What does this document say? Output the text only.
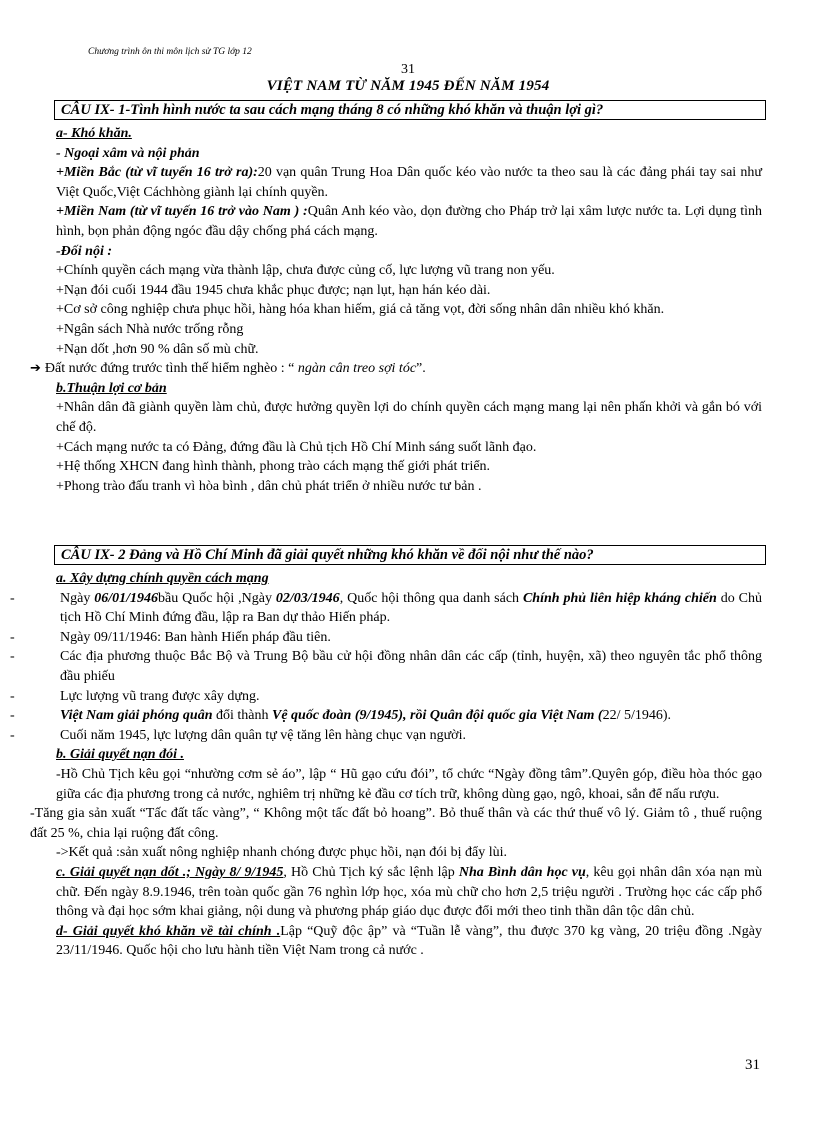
Chương trình ôn thi môn lịch sử TG lớp 12
31
VIỆT NAM TỪ NĂM 1945 ĐẾN NĂM 1954
CÂU IX- 1-Tình hình nước ta sau cách mạng tháng 8 có những khó khăn và thuận lợi gì?

a- Khó khăn.

- Ngoại xâm và nội phản

+Miền Bắc (từ vĩ tuyến 16 trở ra):20 vạn quân Trung Hoa Dân quốc kéo vào nước ta theo sau là các đảng phái tay sai như Việt Quốc,Việt Cáchhòng giành lại chính quyền.

+Miền Nam (từ vĩ tuyến 16 trở vào Nam ) :Quân Anh kéo vào, dọn đường cho Pháp trở lại xâm lược nước ta. Lợi dụng tình hình, bọn phản động ngóc đầu dậy chống phá cách mạng.

-Đối nội :

+Chính quyền cách mạng vừa thành lập, chưa được củng cố, lực lượng vũ trang non yếu.

+Nạn đói cuối 1944 đầu 1945 chưa khắc phục được; nạn lụt, hạn hán kéo dài.

+Cơ sở công nghiệp chưa phục hồi, hàng hóa khan hiếm, giá cả tăng vọt, đời sống nhân dân nhiều khó khăn.

+Ngân sách Nhà nước trống rỗng

+Nạn dốt ,hơn 90 % dân số mù chữ.

➔ Đất nước đứng trước tình thế hiểm nghèo : “ ngàn cân treo sợi tóc”.

b.Thuận lợi cơ bản

+Nhân dân đã giành quyền làm chủ, được hưởng quyền lợi do chính quyền cách mạng mang lại nên phấn khởi và gắn bó với chế độ.

+Cách mạng nước ta có Đảng, đứng đầu là Chủ tịch Hồ Chí Minh sáng suốt lãnh đạo.

+Hệ thống XHCN đang hình thành, phong trào cách mạng thế giới phát triển.

+Phong trào đấu tranh vì hòa bình , dân chủ phát triển ở nhiều nước tư bản .

CÂU IX- 2 Đảng và Hồ Chí Minh đã giải quyết những khó khăn về đối nội như thế nào?

a. Xây dựng chính quyền cách mạng

- Ngày 06/01/1946bầu Quốc hội ,Ngày 02/03/1946, Quốc hội thông qua danh sách Chính phủ liên hiệp kháng chiến do Chủ tịch Hồ Chí Minh đứng đầu, lập ra Ban dự thảo Hiến pháp.
- Ngày 09/11/1946: Ban hành Hiến pháp đầu tiên.
- Các địa phương thuộc Bắc Bộ và Trung Bộ bầu cử hội đồng nhân dân các cấp (tỉnh, huyện, xã) theo nguyên tắc phổ thông đầu phiếu
- Lực lượng vũ trang được xây dựng.
- Việt Nam giải phóng quân đổi thành Vệ quốc đoàn (9/1945), rồi Quân đội quốc gia Việt Nam (22/ 5/1946).
- Cuối năm 1945, lực lượng dân quân tự vệ tăng lên hàng chục vạn người.

b. Giải quyết nạn đói .

-Hồ Chủ Tịch kêu gọi “nhường cơm sẻ áo”, lập “ Hũ gạo cứu đói”, tổ chức “Ngày đồng tâm”.Quyên góp, điều hòa thóc gạo giữa các địa phương trong cả nước, nghiêm trị những kẻ đầu cơ tích trữ, không dùng gạo, ngô, khoai, sắn để nấu rượu.

-Tăng gia sản xuất “Tấc đất tấc vàng”, “ Không một tấc đất bỏ hoang”. Bỏ thuế thân và các thứ thuế vô lý. Giảm tô , thuế ruộng đất 25 %, chia lại ruộng đất công.

->Kết quả :sản xuất nông nghiệp nhanh chóng được phục hồi, nạn đói bị đẩy lùi.

c. Giải quyết nạn dốt .; Ngày 8/ 9/1945, Hồ Chủ Tịch ký sắc lệnh lập Nha Bình dân học vụ, kêu gọi nhân dân xóa nạn mù chữ. Đến ngày 8.9.1946, trên toàn quốc gần 76 nghìn lớp học, xóa mù chữ cho hơn 2,5 triệu người . Trường học các cấp phổ thông và đại học sớm khai giảng, nội dung và phương pháp giáo dục được đổi mới theo tinh thần dân tộc dân chủ.

d- Giải quyết khó khăn về tài chính .Lập “Quỹ độc ập” và “Tuần lễ vàng”, thu được 370 kg vàng, 20 triệu đồng .Ngày 23/11/1946. Quốc hội cho lưu hành tiền Việt Nam trong cả nước .

31
